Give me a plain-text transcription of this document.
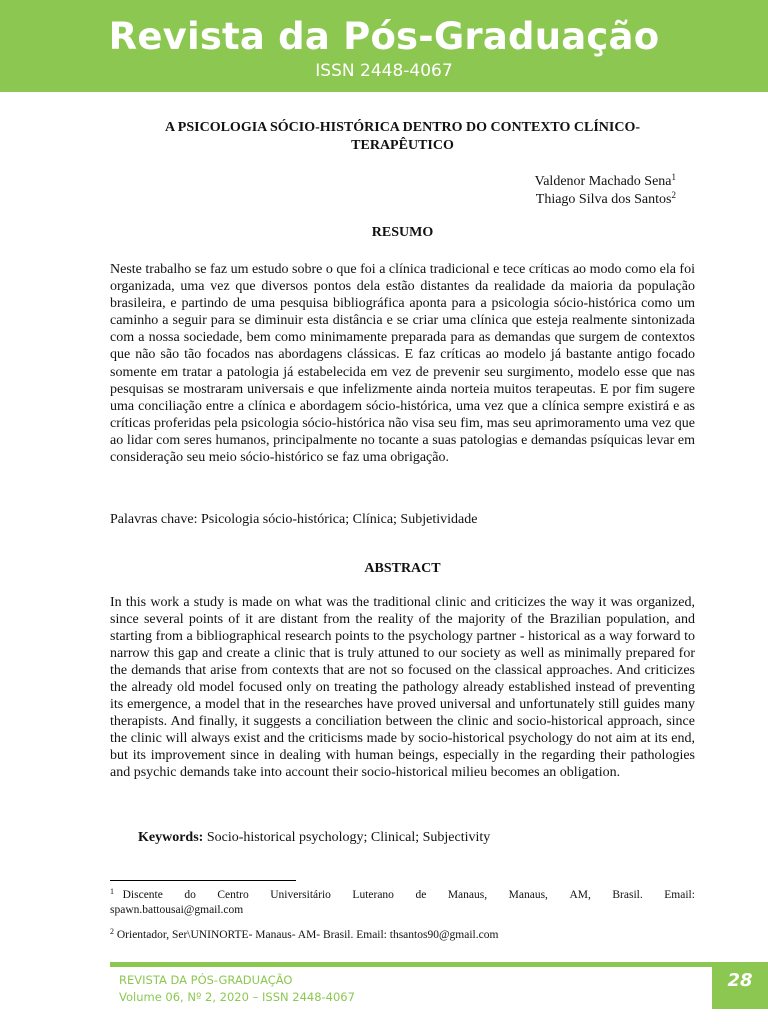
Revista da Pós-Graduação
ISSN 2448-4067
A PSICOLOGIA SÓCIO-HISTÓRICA DENTRO DO CONTEXTO CLÍNICO-
TERAPÊUTICO
Valdenor Machado Sena$^1$
Thiago Silva dos Santos$^2$
RESUMO
Neste trabalho se faz um estudo sobre o que foi a clínica tradicional e tece críticas ao modo como ela foi organizada, uma vez que diversos pontos dela estão distantes da realidade da maioria da população brasileira, e partindo de uma pesquisa bibliográfica aponta para a psicologia sócio-histórica como um caminho a seguir para se diminuir esta distância e se criar uma clínica que esteja realmente sintonizada com a nossa sociedade, bem como minimamente preparada para as demandas que surgem de contextos que não são tão focados nas abordagens clássicas. E faz críticas ao modelo já bastante antigo focado somente em tratar a patologia já estabelecida em vez de prevenir seu surgimento, modelo esse que nas pesquisas se mostraram universais e que infelizmente ainda norteia muitos terapeutas. E por fim sugere uma conciliação entre a clínica e abordagem sócio-histórica, uma vez que a clínica sempre existirá e as críticas proferidas pela psicologia sócio-histórica não visa seu fim, mas seu aprimoramento uma vez que ao lidar com seres humanos, principalmente no tocante a suas patologias e demandas psíquicas levar em consideração seu meio sócio-histórico se faz uma obrigação.
Palavras chave: Psicologia sócio-histórica; Clínica; Subjetividade
ABSTRACT
In this work a study is made on what was the traditional clinic and criticizes the way it was organized, since several points of it are distant from the reality of the majority of the Brazilian population, and starting from a bibliographical research points to the psychology partner - historical as a way forward to narrow this gap and create a clinic that is truly attuned to our society as well as minimally prepared for the demands that arise from contexts that are not so focused on the classical approaches. And criticizes the already old model focused only on treating the pathology already established instead of preventing its emergence, a model that in the researches have proved universal and unfortunately still guides many therapists. And finally, it suggests a conciliation between the clinic and socio-historical approach, since the clinic will always exist and the criticisms made by socio-historical psychology do not aim at its end, but its improvement since in dealing with human beings, especially in the regarding their pathologies and psychic demands take into account their socio-historical milieu becomes an obligation.
Keywords: Socio-historical psychology; Clinical; Subjectivity
$^1$ Discente do Centro Universitário Luterano de Manaus, Manaus, AM, Brasil. Email:
spawn.battousai@gmail.com
$^2$ Orientador, Ser\UNINORTE- Manaus- AM- Brasil. Email: thsantos90@gmail.com
REVISTA DA PÓS-GRADUAÇÃO
Volume 06, Nº 2, 2020 – ISSN 2448-4067
28
